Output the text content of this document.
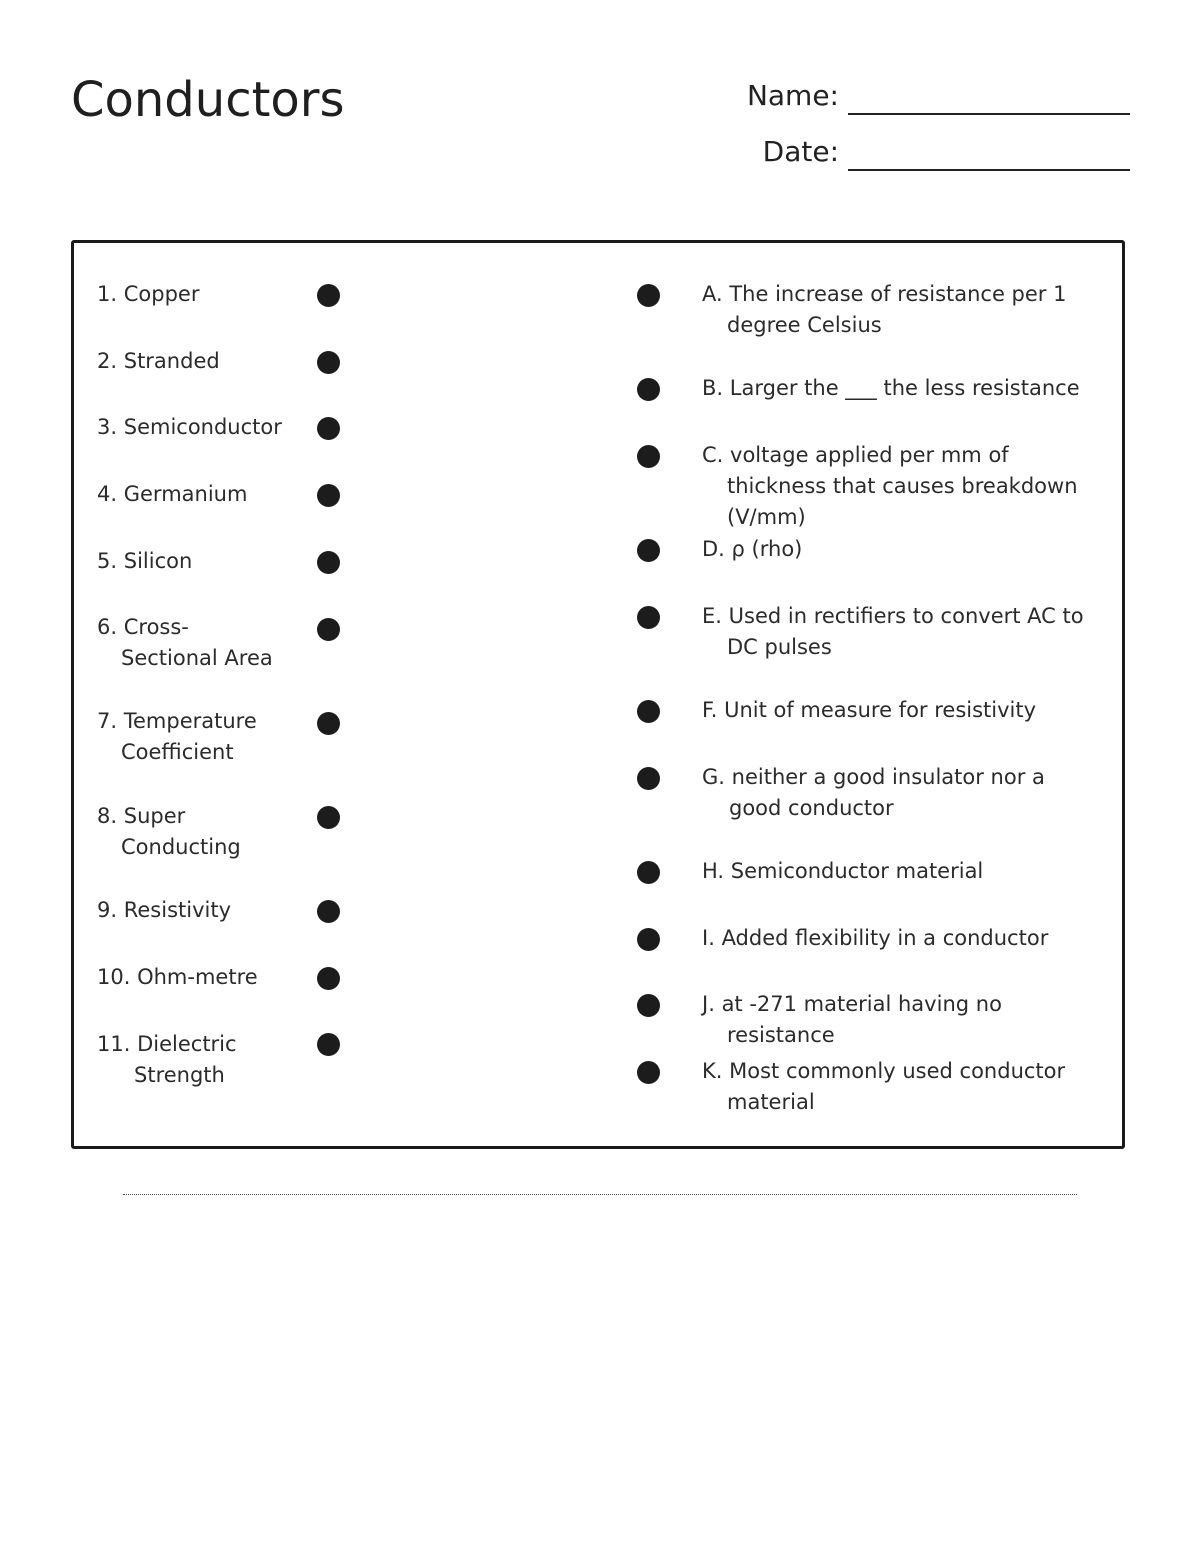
Conductors	Name:
Date:
1. Copper
2. Stranded
3. Semiconductor
4. Germanium
5. Silicon
6. Cross-Sectional Area
7. Temperature Coefficient
8. Super Conducting
9. Resistivity
10. Ohm-metre
11. Dielectric Strength
A. The increase of resistance per 1 degree Celsius
B. Larger the ___ the less resistance
C. voltage applied per mm of thickness that causes breakdown (V/mm)
D. ρ (rho)
E. Used in rectifiers to convert AC to DC pulses
F. Unit of measure for resistivity
G. neither a good insulator nor a good conductor
H. Semiconductor material
I. Added flexibility in a conductor
J. at -271 material having no resistance
K. Most commonly used conductor material
